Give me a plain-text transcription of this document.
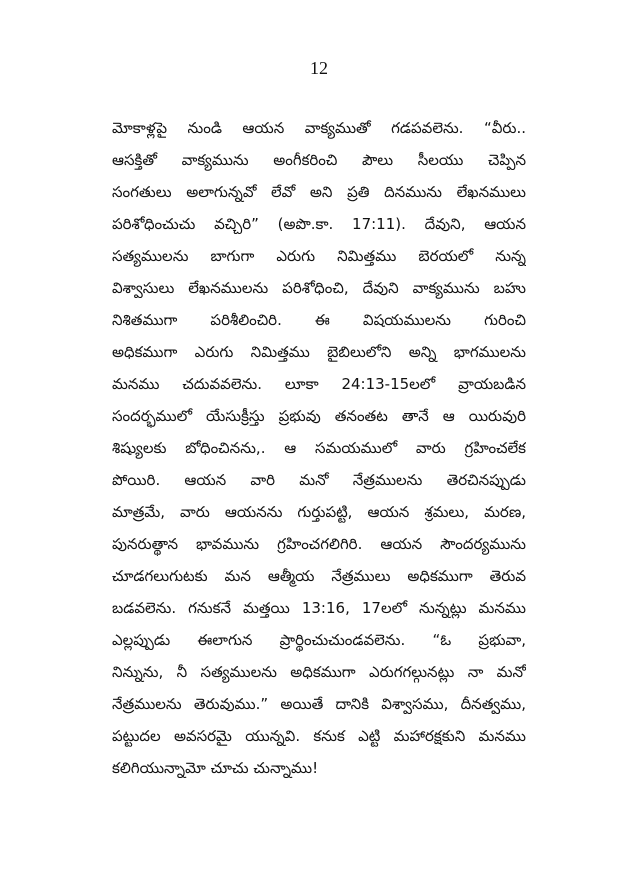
12
మోకాళ్లపై నుండి ఆయన వాక్యముతో గడపవలెను. “వీరు..
ఆసక్తితో వాక్యమును అంగీకరించి పౌలు సీలయు చెప్పిన
సంగతులు అలాగున్నవో లేవో అని ప్రతి దినమును లేఖనములు
పరిశోధించుచు వచ్చిరి” (అపొ.కా. 17:11). దేవుని, ఆయన
సత్యములను బాగుగా ఎరుగు నిమిత్తము బెరయలో నున్న
విశ్వాసులు లేఖనములను పరిశోధించి, దేవుని వాక్యమును బహు
నిశితముగా పరిశీలించిరి. ఈ విషయములను గురించి
అధికముగా ఎరుగు నిమిత్తము బైబిలులోని అన్ని భాగములను
మనము చదువవలెను. లూకా 24:13-15లలో వ్రాయబడిన
సందర్భములో యేసుక్రీస్తు ప్రభువు తనంతట తానే ఆ యిరువురి
శిష్యులకు బోధించినను,. ఆ సమయములో వారు గ్రహించలేక
పోయిరి. ఆయన వారి మనో నేత్రములను తెరచినప్పుడు
మాత్రమే, వారు ఆయనను గుర్తుపట్టి, ఆయన శ్రమలు, మరణ,
పునరుత్థాన భావమును గ్రహించగలిగిరి. ఆయన సౌందర్యమును
చూడగలుగుటకు మన ఆత్మీయ నేత్రములు అధికముగా తెరువ
బడవలెను. గనుకనే మత్తయి 13:16, 17లలో నున్నట్లు మనము
ఎల్లప్పుడు ఈలాగున ప్రార్థించుచుండవలెను. “ఓ ప్రభువా,
నిన్నును, నీ సత్యములను అధికముగా ఎరుగగల్గునట్లు నా మనో
నేత్రములను తెరువుము.” అయితే దానికి విశ్వాసము, దీనత్వము,
పట్టుదల అవసరమై యున్నవి. కనుక ఎట్టి మహారక్షకుని మనము
కలిగియున్నామో చూచు చున్నాము!
